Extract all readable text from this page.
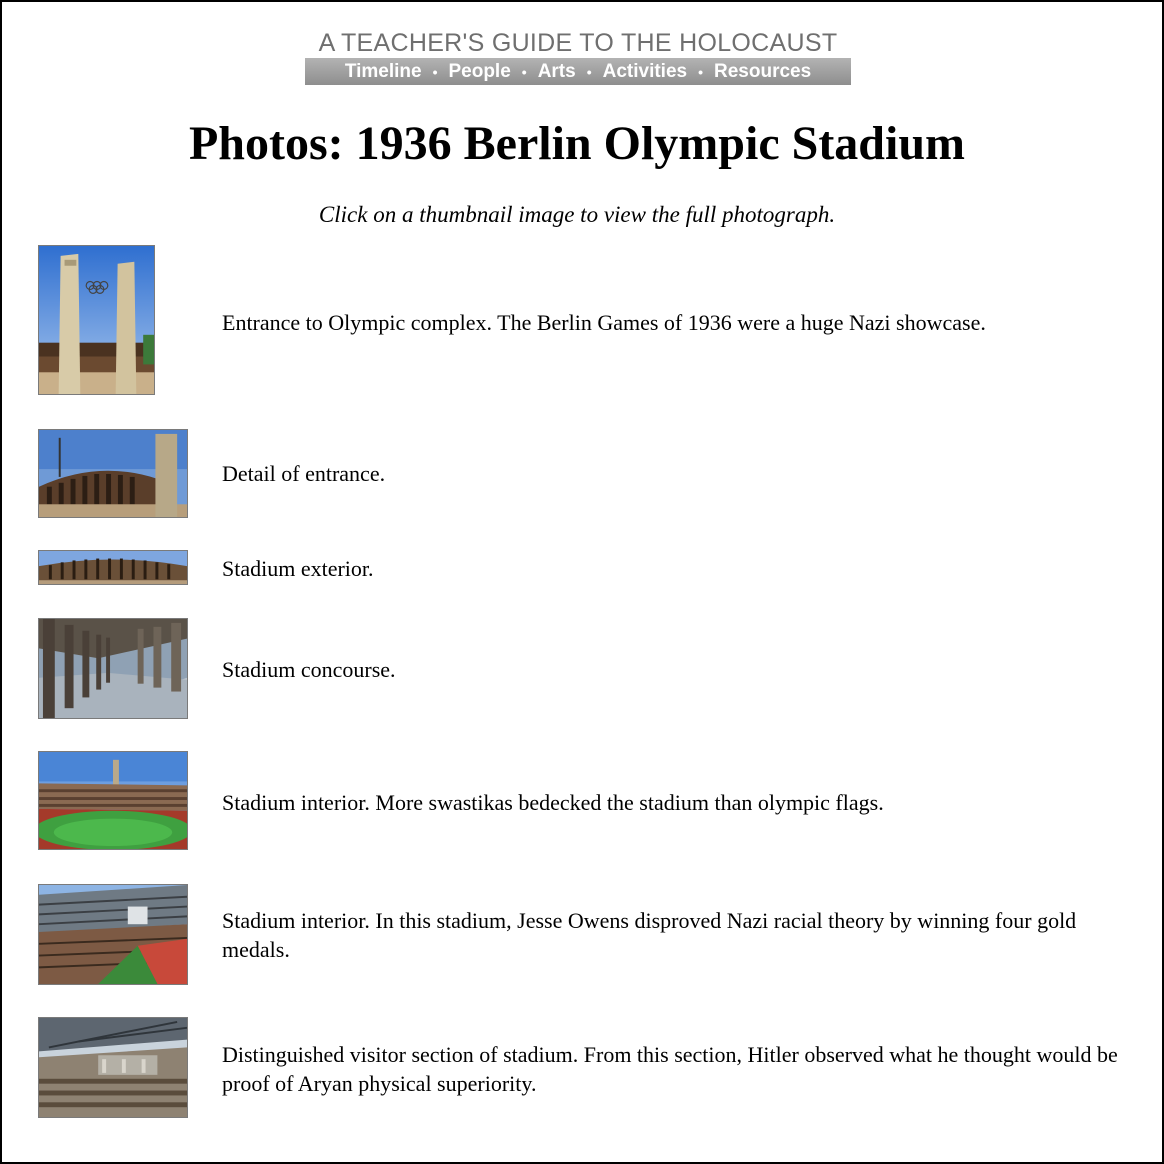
A TEACHER'S GUIDE TO THE HOLOCAUST
Timeline • People • Arts • Activities • Resources
Photos: 1936 Berlin Olympic Stadium
Click on a thumbnail image to view the full photograph.
Entrance to Olympic complex. The Berlin Games of 1936 were a huge Nazi showcase.
Detail of entrance.
Stadium exterior.
Stadium concourse.
Stadium interior. More swastikas bedecked the stadium than olympic flags.
Stadium interior. In this stadium, Jesse Owens disproved Nazi racial theory by winning four gold medals.
Distinguished visitor section of stadium. From this section, Hitler observed what he thought would be proof of Aryan physical superiority.
